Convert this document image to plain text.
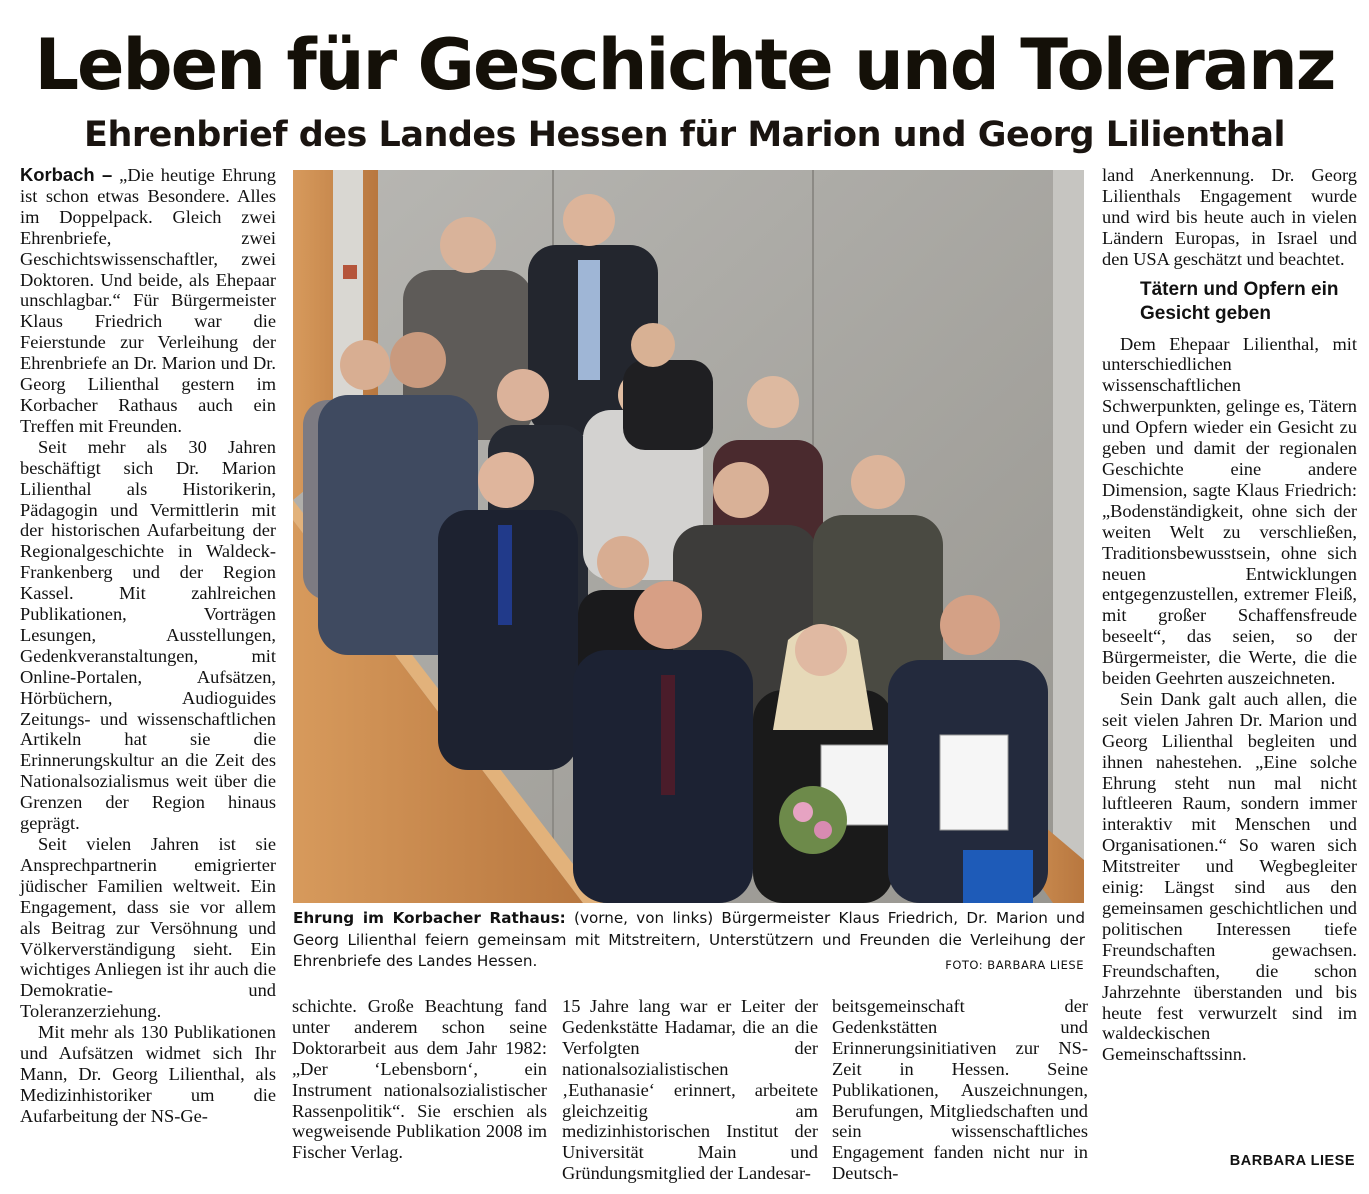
Leben für Geschichte und Toleranz
Ehrenbrief des Landes Hessen für Marion und Georg Lilienthal

Korbach – „Die heutige Ehrung ist schon etwas Besondere. Alles im Doppelpack. Gleich zwei Ehrenbriefe, zwei Geschichtswissenschaftler, zwei Doktoren. Und beide, als Ehepaar unschlagbar.“ Für Bürgermeister Klaus Friedrich war die Feierstunde zur Verleihung der Ehrenbriefe an Dr. Marion und Dr. Georg Lilienthal gestern im Korbacher Rathaus auch ein Treffen mit Freunden.

Seit mehr als 30 Jahren beschäftigt sich Dr. Marion Lilienthal als Historikerin, Pädagogin und Vermittlerin mit der historischen Aufarbeitung der Regionalgeschichte in Waldeck-Frankenberg und der Region Kassel. Mit zahlreichen Publikationen, Vorträgen Lesungen, Ausstellungen, Gedenkveranstaltungen, mit Online-Portalen, Aufsätzen, Hörbüchern, Audioguides Zeitungs- und wissenschaftlichen Artikeln hat sie die Erinnerungskultur an die Zeit des Nationalsozialismus weit über die Grenzen der Region hinaus geprägt.

Seit vielen Jahren ist sie Ansprechpartnerin emigrierter jüdischer Familien weltweit. Ein Engagement, dass sie vor allem als Beitrag zur Versöhnung und Völkerverständigung sieht. Ein wichtiges Anliegen ist ihr auch die Demokratie- und Toleranzerziehung.

Mit mehr als 130 Publikationen und Aufsätzen widmet sich Ihr Mann, Dr. Georg Lilienthal, als Medizinhistoriker um die Aufarbeitung der NS-Ge-

Ehrung im Korbacher Rathaus: (vorne, von links) Bürgermeister Klaus Friedrich, Dr. Marion und Georg Lilienthal feiern gemeinsam mit Mitstreitern, Unterstützern und Freunden die Verleihung der Ehrenbriefe des Landes Hessen.	FOTO: BARBARA LIESE

schichte. Große Beachtung fand unter anderem schon seine Doktorarbeit aus dem Jahr 1982: „Der ‘Lebensborn‘, ein Instrument nationalsozialistischer Rassenpolitik“. Sie erschien als wegweisende Publikation 2008 im Fischer Verlag.

15 Jahre lang war er Leiter der Gedenkstätte Hadamar, die an die Verfolgten der nationalsozialistischen ‚Euthanasie‘ erinnert, arbeitete gleichzeitig am medizinhistorischen Institut der Universität Main und Gründungsmitglied der Landesar-

beitsgemeinschaft der Gedenkstätten und Erinnerungsinitiativen zur NS-Zeit in Hessen. Seine Publikationen, Auszeichnungen, Berufungen, Mitgliedschaften und sein wissenschaftliches Engagement fanden nicht nur in Deutsch-

land Anerkennung. Dr. Georg Lilienthals Engagement wurde und wird bis heute auch in vielen Ländern Europas, in Israel und den USA geschätzt und beachtet.

Tätern und Opfern ein Gesicht geben

Dem Ehepaar Lilienthal, mit unterschiedlichen wissenschaftlichen Schwerpunkten, gelinge es, Tätern und Opfern wieder ein Gesicht zu geben und damit der regionalen Geschichte eine andere Dimension, sagte Klaus Friedrich: „Bodenständigkeit, ohne sich der weiten Welt zu verschließen, Traditionsbewusstsein, ohne sich neuen Entwicklungen entgegenzustellen, extremer Fleiß, mit großer Schaffensfreude beseelt“, das seien, so der Bürgermeister, die Werte, die die beiden Geehrten auszeichneten.

Sein Dank galt auch allen, die seit vielen Jahren Dr. Marion und Georg Lilienthal begleiten und ihnen nahestehen. „Eine solche Ehrung steht nun mal nicht luftleeren Raum, sondern immer interaktiv mit Menschen und Organisationen.“ So waren sich Mitstreiter und Wegbegleiter einig: Längst sind aus den gemeinsamen geschichtlichen und politischen Interessen tiefe Freundschaften gewachsen. Freundschaften, die schon Jahrzehnte überstanden und bis heute fest verwurzelt sind im waldeckischen Gemeinschaftssinn.

BARBARA LIESE
